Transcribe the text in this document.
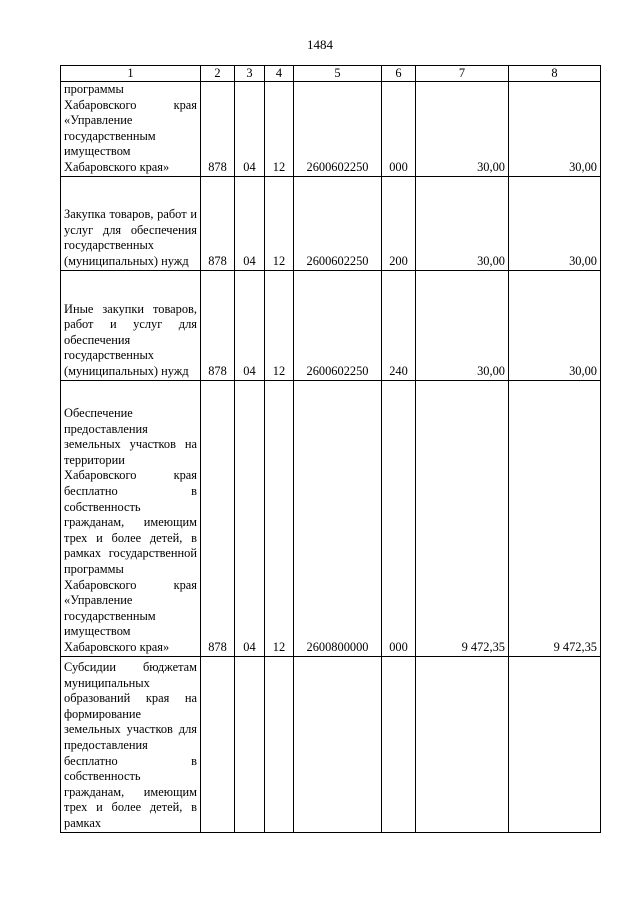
1484
1	2	3	4	5	6	7	8

программы Хабаровского края «Управление государственным имуществом Хабаровского края»	878	04	12	2600602250	000	30,00	30,00

Закупка товаров, работ и услуг для обеспечения государственных (муниципальных) нужд	878	04	12	2600602250	200	30,00	30,00

Иные закупки товаров, работ и услуг для обеспечения государственных (муниципальных) нужд	878	04	12	2600602250	240	30,00	30,00

Обеспечение предоставления земельных участков на территории Хабаровского края бесплатно в собственность гражданам, имеющим трех и более детей, в рамках государственной программы Хабаровского края «Управление государственным имуществом Хабаровского края»	878	04	12	2600800000	000	9 472,35	9 472,35

Субсидии бюджетам муниципальных образований края на формирование земельных участков для предоставления бесплатно в собственность гражданам, имеющим трех и более детей, в рамках							
